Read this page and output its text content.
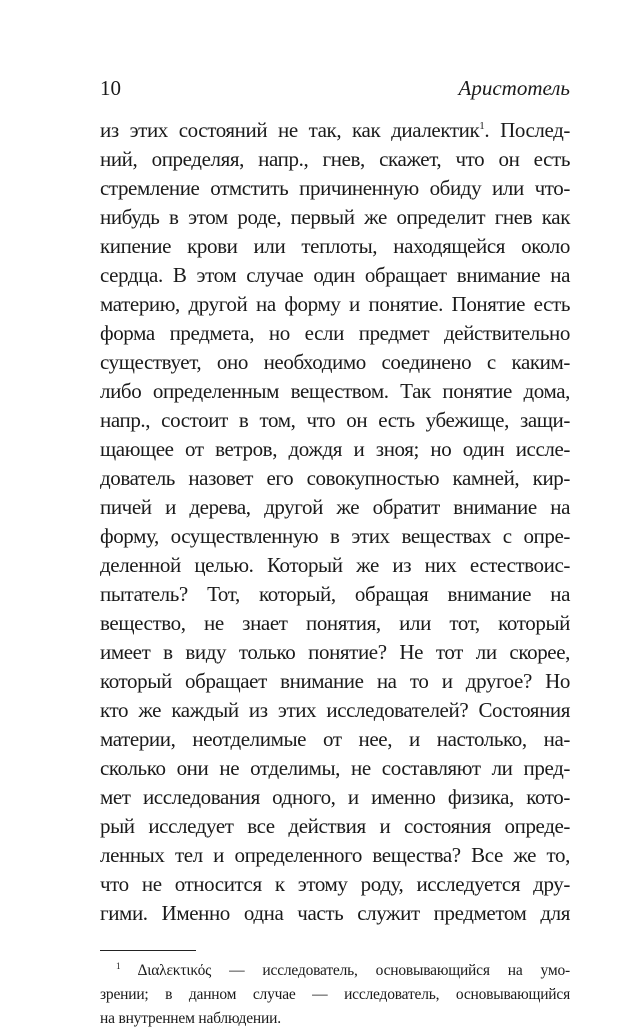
10	Аристотель
из этих состояний не так, как диалектик$^1$. Послед-
ний, определяя, напр., гнев, скажет, что он есть
стремление отмстить причиненную обиду или что-
нибудь в этом роде, первый же определит гнев как
кипение крови или теплоты, находящейся около
сердца. В этом случае один обращает внимание на
материю, другой на форму и понятие. Понятие есть
форма предмета, но если предмет действительно
существует, оно необходимо соединено с каким-
либо определенным веществом. Так понятие дома,
напр., состоит в том, что он есть убежище, защи-
щающее от ветров, дождя и зноя; но один иссле-
дователь назовет его совокупностью камней, кир-
пичей и дерева, другой же обратит внимание на
форму, осуществленную в этих веществах с опре-
деленной целью. Который же из них естествоис-
пытатель? Тот, который, обращая внимание на
вещество, не знает понятия, или тот, который
имеет в виду только понятие? Не тот ли скорее,
который обращает внимание на то и другое? Но
кто же каждый из этих исследователей? Состояния
материи, неотделимые от нее, и настолько, на-
сколько они не отделимы, не составляют ли пред-
мет исследования одного, и именно физика, кото-
рый исследует все действия и состояния опреде-
ленных тел и определенного вещества? Все же то,
что не относится к этому роду, исследуется дру-
гими. Именно одна часть служит предметом для
$^1$ Διαλεκτικός — исследователь, основывающийся на умо-
зрении; в данном случае — исследователь, основывающийся
на внутреннем наблюдении.
